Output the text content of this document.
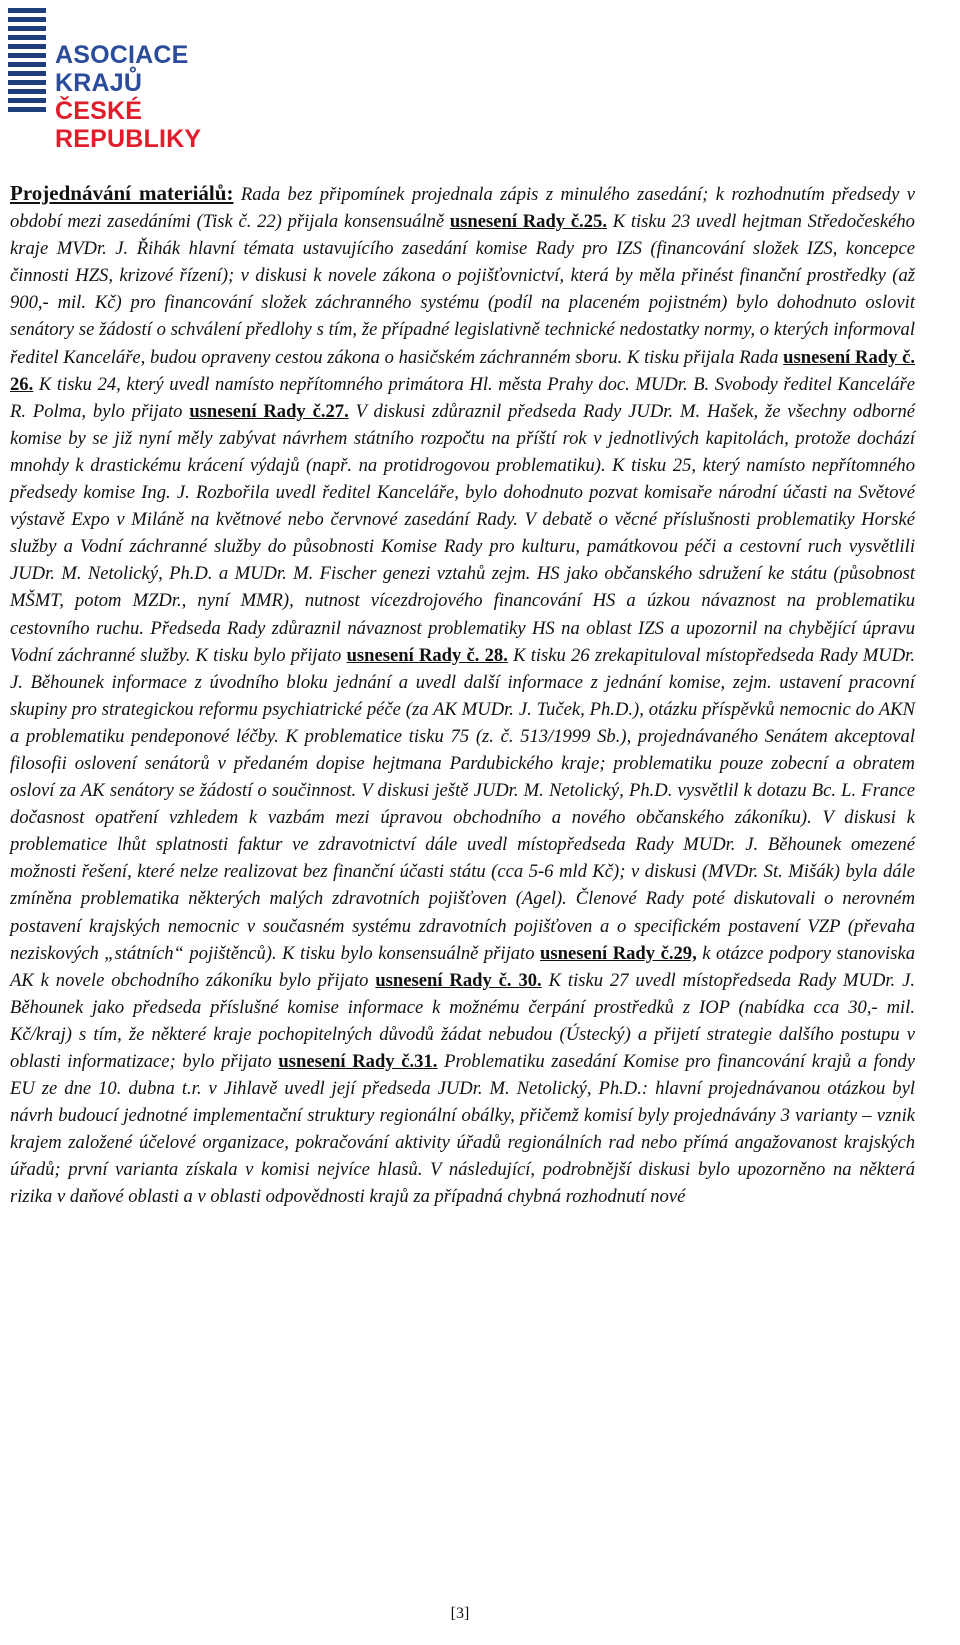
ASOCIACE KRAJŮ
ČESKÉ REPUBLIKY

Projednávání materiálů: Rada bez připomínek projednala zápis z minulého zasedání; k rozhodnutím předsedy v období mezi zasedáními (Tisk č. 22) přijala konsensuálně usnesení Rady č.25. K tisku 23 uvedl hejtman Středočeského kraje MVDr. J. Řihák hlavní témata ustavujícího zasedání komise Rady pro IZS (financování složek IZS, koncepce činnosti HZS, krizové řízení); v diskusi k novele zákona o pojišťovnictví, která by měla přinést finanční prostředky (až 900,- mil. Kč) pro financování složek záchranného systému (podíl na placeném pojistném) bylo dohodnuto oslovit senátory se žádostí o schválení předlohy s tím, že případné legislativně technické nedostatky normy, o kterých informoval ředitel Kanceláře, budou opraveny cestou zákona o hasičském záchranném sboru. K tisku přijala Rada usnesení Rady č. 26. K tisku 24, který uvedl namísto nepřítomného primátora Hl. města Prahy doc. MUDr. B. Svobody ředitel Kanceláře R. Polma, bylo přijato usnesení Rady č.27. V diskusi zdůraznil předseda Rady JUDr. M. Hašek, že všechny odborné komise by se již nyní měly zabývat návrhem státního rozpočtu na příští rok v jednotlivých kapitolách, protože dochází mnohdy k drastickému krácení výdajů (např. na protidrogovou problematiku). K tisku 25, který namísto nepřítomného předsedy komise Ing. J. Rozbořila uvedl ředitel Kanceláře, bylo dohodnuto pozvat komisaře národní účasti na Světové výstavě Expo v Miláně na květnové nebo červnové zasedání Rady. V debatě o věcné příslušnosti problematiky Horské služby a Vodní záchranné služby do působnosti Komise Rady pro kulturu, památkovou péči a cestovní ruch vysvětlili JUDr. M. Netolický, Ph.D. a MUDr. M. Fischer genezi vztahů zejm. HS jako občanského sdružení ke státu (působnost MŠMT, potom MZDr., nyní MMR), nutnost vícezdrojového financování HS a úzkou návaznost na problematiku cestovního ruchu. Předseda Rady zdůraznil návaznost problematiky HS na oblast IZS a upozornil na chybějící úpravu Vodní záchranné služby. K tisku bylo přijato usnesení Rady č. 28. K tisku 26 zrekapituloval místopředseda Rady MUDr. J. Běhounek informace z úvodního bloku jednání a uvedl další informace z jednání komise, zejm. ustavení pracovní skupiny pro strategickou reformu psychiatrické péče (za AK MUDr. J. Tuček, Ph.D.), otázku příspěvků nemocnic do AKN a problematiku pendeponové léčby. K problematice tisku 75 (z. č. 513/1999 Sb.), projednávaného Senátem akceptoval filosofii oslovení senátorů v předaném dopise hejtmana Pardubického kraje; problematiku pouze zobecní a obratem osloví za AK senátory se žádostí o součinnost. V diskusi ještě JUDr. M. Netolický, Ph.D. vysvětlil k dotazu Bc. L. France dočasnost opatření vzhledem k vazbám mezi úpravou obchodního a nového občanského zákoníku). V diskusi k problematice lhůt splatnosti faktur ve zdravotnictví dále uvedl místopředseda Rady MUDr. J. Běhounek omezené možnosti řešení, které nelze realizovat bez finanční účasti státu (cca 5-6 mld Kč); v diskusi (MVDr. St. Mišák) byla dále zmíněna problematika některých malých zdravotních pojišťoven (Agel). Členové Rady poté diskutovali o nerovném postavení krajských nemocnic v současném systému zdravotních pojišťoven a o specifickém postavení VZP (převaha neziskových „státních“ pojištěnců). K tisku bylo konsensuálně přijato usnesení Rady č.29, k otázce podpory stanoviska AK k novele obchodního zákoníku bylo přijato usnesení Rady č. 30. K tisku 27 uvedl místopředseda Rady MUDr. J. Běhounek jako předseda příslušné komise informace k možnému čerpání prostředků z IOP (nabídka cca 30,- mil. Kč/kraj) s tím, že některé kraje pochopitelných důvodů žádat nebudou (Ústecký) a přijetí strategie dalšího postupu v oblasti informatizace; bylo přijato usnesení Rady č.31. Problematiku zasedání Komise pro financování krajů a fondy EU ze dne 10. dubna t.r. v Jihlavě uvedl její předseda JUDr. M. Netolický, Ph.D.: hlavní projednávanou otázkou byl návrh budoucí jednotné implementační struktury regionální obálky, přičemž komisí byly projednávány 3 varianty – vznik krajem založené účelové organizace, pokračování aktivity úřadů regionálních rad nebo přímá angažovanost krajských úřadů; první varianta získala v komisi nejvíce hlasů. V následující, podrobnější diskusi bylo upozorněno na některá rizika v daňové oblasti a v oblasti odpovědnosti krajů za případná chybná rozhodnutí nové

[3]
